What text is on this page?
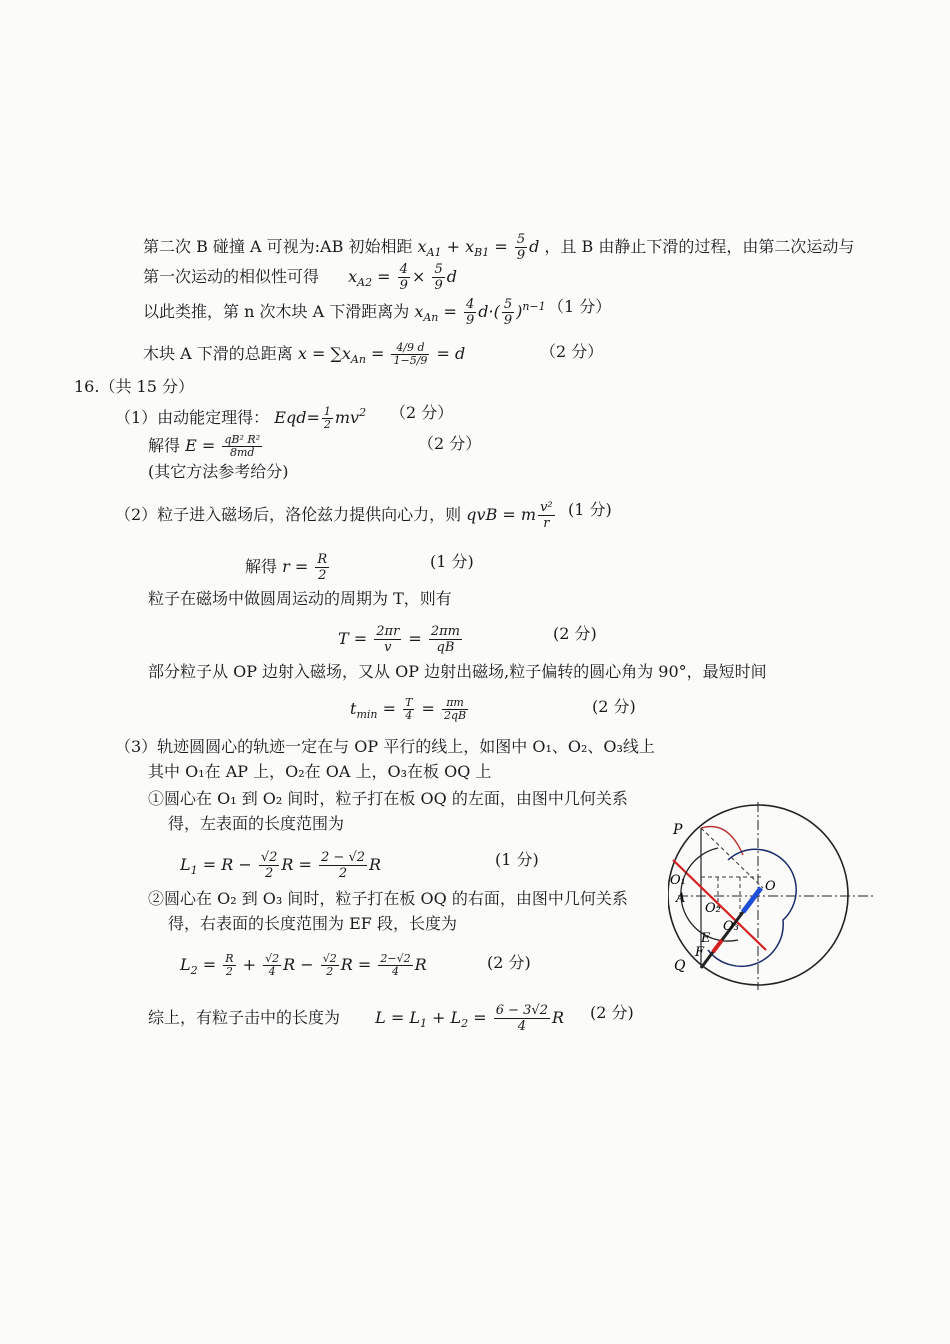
第二次 B 碰撞 A 可视为:AB 初始相距 $x_{A1} + x_{B1} = \frac{5}{9}$ d ，且 B 由静止下滑的过程，由第二次运动与
第一次运动的相似性可得 $x_{A2} = \frac{4}{9} \times \frac{5}{9}$ d
以此类推，第 n 次木块 A 下滑距离为 $x_{An} = \frac{4}{9} d\cdot( \frac{5}{9} )^{n-1}$ （1 分）
木块 A 下滑的总距离 $x = \sum x_{An} = \frac{4/9 d}{1-5/9} = d$	（2 分）
16.（共 15 分）
（1）由动能定理得： $Eqd= \frac{1}{2} mv^2$ （2 分）
解得 $E = \frac{\text{qB² R²}}{8md}$	（2 分）
(其它方法参考给分)
（2）粒子进入磁场后，洛伦兹力提供向心力，则 qvB = m $\frac{\text{v²}}{r} (1$ 分)
解得 $r = \frac{R}{2}$	(1 分)
粒子在磁场中做圆周运动的周期为 T，则有
$T = \frac{2\pi r}{v} = \frac{2\pi m}{qB}$	(2 分)
部分粒子从 OP 边射入磁场，又从 OP 边射出磁场,粒子偏转的圆心角为 90°，最短时间
$t_{min} = \frac{T}{4} = \frac{\pi m}{2qB}$	(2 分)
（3）轨迹圆圆心的轨迹一定在与 OP 平行的线上，如图中 O₁、O₂、O₃线上
其中 O₁在 AP 上，O₂在 OA 上，O₃在板 OQ 上
①圆心在 O₁ 到 O₂ 间时，粒子打在板 OQ 的左面，由图中几何关系
得，左表面的长度范围为
$L_1 = R - \frac{√2}{2}$ $R = \frac{2 - √2}{2}$ R	(1 分)
②圆心在 O₂ 到 O₃ 间时，粒子打在板 OQ 的右面，由图中几何关系
得，右表面的长度范围为 EF 段，长度为
$L_2 = \frac{R}{2} + \frac{√2}{4}$ $R - \frac{√2}{2}$ $R = \frac{2-√2}{4}$ R	(2 分)
综上，有粒子击中的长度为 $L = L_1 + L_2 = \frac{6 - 3√2}{4}$ R (2 分)
P
O₁
A
O₂
O₃
O
E
F
Q
